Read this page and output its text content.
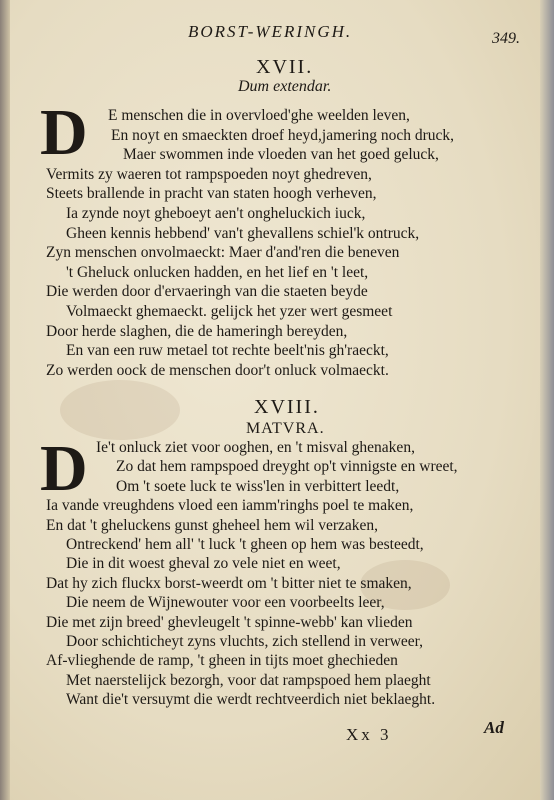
BORST-WERINGH.	349.
XVII.
Dum extendar.
D E menschen die in overvloed'ghe weelden leven,
En noyt en smaeckten droef heyd,jamering noch druck,
Maer swommen inde vloeden van het goed geluck,
Vermits zy waeren tot rampspoeden noyt ghedreven,
Steets brallende in pracht van staten hoogh verheven,
Ia zynde noyt gheboeyt aen't ongheluckich iuck,
Gheen kennis hebbend' van't ghevallens schiel'k ontruck,
Zyn menschen onvolmaeckt: Maer d'and'ren die beneven
't Gheluck onlucken hadden, en het lief en 't leet,
Die werden door d'ervaeringh van die staeten beyde
Volmaeckt ghemaeckt. gelijck het yzer wert gesmeet
Door herde slaghen, die de hameringh bereyden,
En van een ruw metael tot rechte beelt'nis gh'raeckt,
Zo werden oock de menschen door't onluck volmaeckt.
XVIII.
MATVRA.
D Ie't onluck ziet voor ooghen, en 't misval ghenaken,
Zo dat hem rampspoed dreyght op't vinnigste en wreet,
Om 't soete luck te wiss'len in verbittert leedt,
Ia vande vreughdens vloed een iamm'ringhs poel te maken,
En dat 't gheluckens gunst gheheel hem wil verzaken,
Ontreckend' hem all' 't luck 't gheen op hem was besteedt,
Die in dit woest gheval zo vele niet en weet,
Dat hy zich fluckx borst-weerdt om 't bitter niet te smaken,
Die neem de Wijnewouter voor een voorbeelts leer,
Die met zijn breed' ghevleugelt 't spinne-webb' kan vlieden
Door schichticheyt zyns vluchts, zich stellend in verweer,
Af-vlieghende de ramp, 't gheen in tijts moet ghechieden
Met naerstelijck bezorgh, voor dat rampspoed hem plaeght
Want die't versuymt die werdt rechtveerdich niet beklaeght.
Xx 3	Ad
